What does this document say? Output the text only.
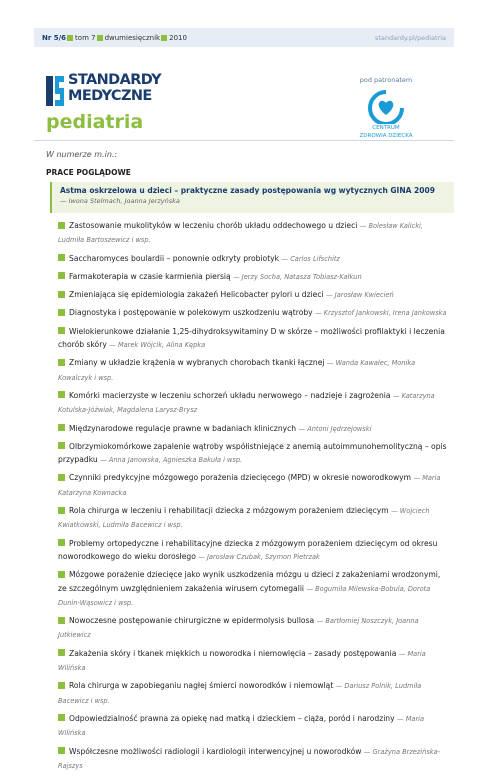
Nr 5/6 tom 7 dwumiesięcznik 2010	standardy.pl/pediatria
STANDARDY
MEDYCZNE
pediatria
pod patronatem
CENTRUM
ZDROWIA DZIECKA
W numerze m.in.:
PRACE POGLĄDOWE
Astma oskrzelowa u dzieci – praktyczne zasady postępowania wg wytycznych GINA 2009
— Iwona Stelmach, Joanna Jerzyńska
Zastosowanie mukolityków w leczeniu chorób układu oddechowego u dzieci — Bolesław Kalicki, Ludmiła Bartoszewicz i wsp.
Saccharomyces boulardii – ponownie odkryty probiotyk — Carlos Lifschitz
Farmakoterapia w czasie karmienia piersią — Jerzy Socha, Natasza Tobiasz-Kałkun
Zmieniająca się epidemiologia zakażeń Helicobacter pylori u dzieci — Jarosław Kwiecień
Diagnostyka i postępowanie w polekowym uszkodzeniu wątroby — Krzysztof Jankowski, Irena Jankowska
Wielokierunkowe działanie 1,25-dihydroksywitaminy D w skórze – możliwości profilaktyki i leczenia chorób skóry — Marek Wójcik, Alina Kępka
Zmiany w układzie krążenia w wybranych chorobach tkanki łącznej — Wanda Kawalec, Monika Kowalczyk i wsp.
Komórki macierzyste w leczeniu schorzeń układu nerwowego – nadzieje i zagrożenia — Katarzyna Kotulska-Jóźwiak, Magdalena Larysz-Brysz
Międzynarodowe regulacje prawne w badaniach klinicznych — Antoni Jędrzejowski
Olbrzymiokomórkowe zapalenie wątroby współistniejące z anemią autoimmunohemolityczną – opis przypadku — Anna Janowska, Agnieszka Bakuła i wsp.
Czynniki predykcyjne mózgowego porażenia dziecięcego (MPD) w okresie noworodkowym — Maria Katarzyna Kownacka
Rola chirurga w leczeniu i rehabilitacji dziecka z mózgowym porażeniem dziecięcym — Wojciech Kwiatkowski, Ludmiła Bacewicz i wsp.
Problemy ortopedyczne i rehabilitacyjne dziecka z mózgowym porażeniem dziecięcym od okresu noworodkowego do wieku dorosłego — Jarosław Czubak, Szymon Pietrzak
Mózgowe porażenie dziecięce jako wynik uszkodzenia mózgu u dzieci z zakażeniami wrodzonymi, ze szczególnym uwzględnieniem zakażenia wirusem cytomegalii — Bogumiła Milewska-Bobula, Dorota Dunin-Wąsowicz i wsp.
Nowoczesne postępowanie chirurgiczne w epidermolysis bullosa — Bartłomiej Noszczyk, Joanna Jutkiewicz
Zakażenia skóry i tkanek miękkich u noworodka i niemowlęcia – zasady postępowania — Maria Wilińska
Rola chirurga w zapobieganiu nagłej śmierci noworodków i niemowląt — Dariusz Polnik, Ludmiła Bacewicz i wsp.
Odpowiedzialność prawna za opiekę nad matką i dzieckiem – ciąża, poród i narodziny — Maria Wilińska
Współczesne możliwości radiologii i kardiologii interwencyjnej u noworodków — Grażyna Brzezińska-Rajszys
